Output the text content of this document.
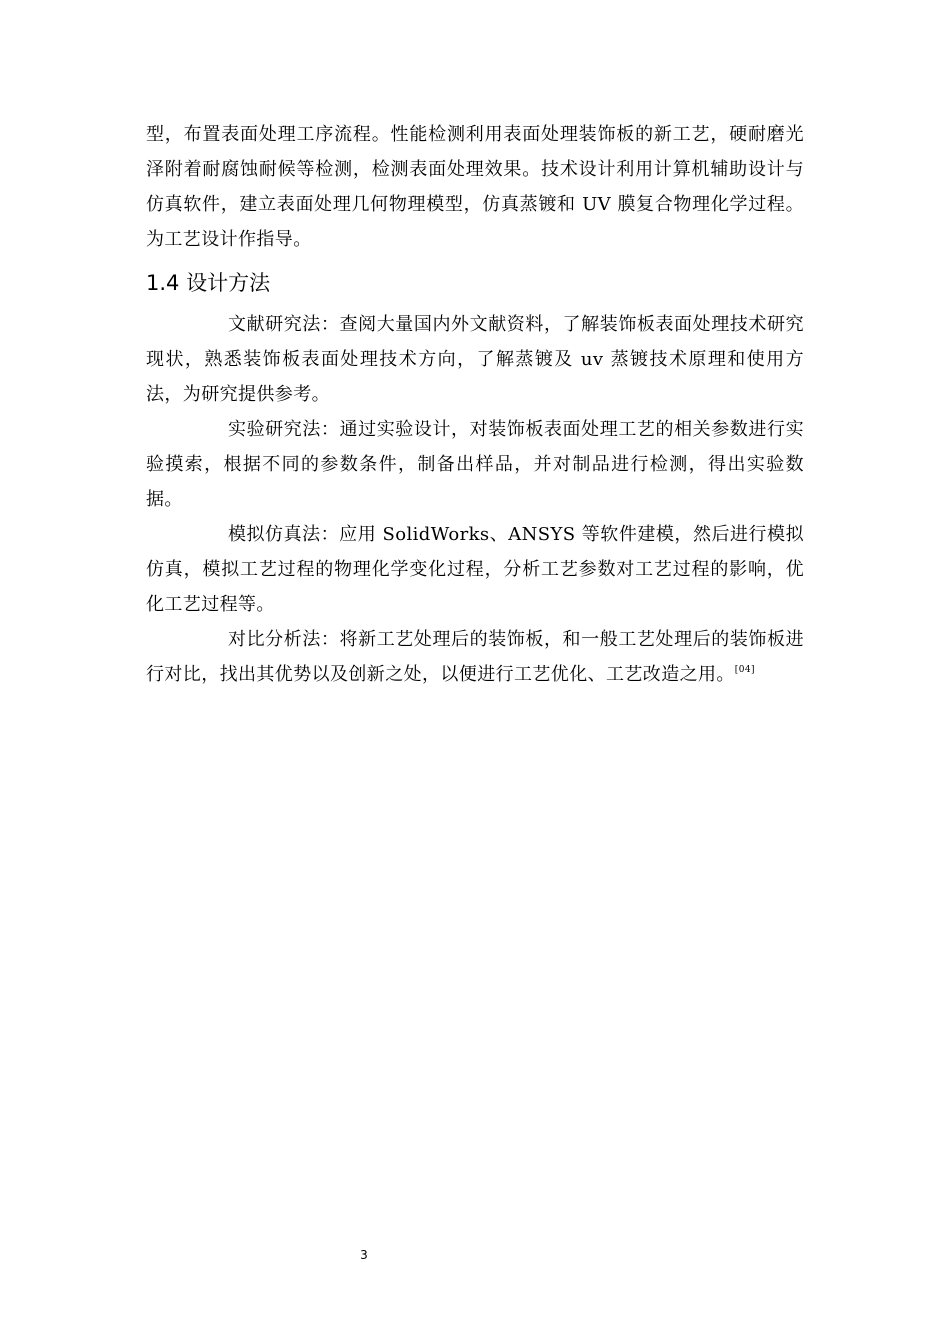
型，布置表面处理工序流程。性能检测利用表面处理装饰板的新工艺，硬耐磨光泽附着耐腐蚀耐候等检测，检测表面处理效果。技术设计利用计算机辅助设计与仿真软件，建立表面处理几何物理模型，仿真蒸镀和 UV 膜复合物理化学过程。为工艺设计作指导。

1.4 设计方法

文献研究法：查阅大量国内外文献资料，了解装饰板表面处理技术研究现状，熟悉装饰板表面处理技术方向，了解蒸镀及 uv 蒸镀技术原理和使用方法，为研究提供参考。

实验研究法：通过实验设计，对装饰板表面处理工艺的相关参数进行实验摸索，根据不同的参数条件，制备出样品，并对制品进行检测，得出实验数据。

模拟仿真法：应用 SolidWorks、ANSYS 等软件建模，然后进行模拟仿真，模拟工艺过程的物理化学变化过程，分析工艺参数对工艺过程的影响，优化工艺过程等。

对比分析法：将新工艺处理后的装饰板，和一般工艺处理后的装饰板进行对比，找出其优势以及创新之处，以便进行工艺优化、工艺改造之用。[04]

3
